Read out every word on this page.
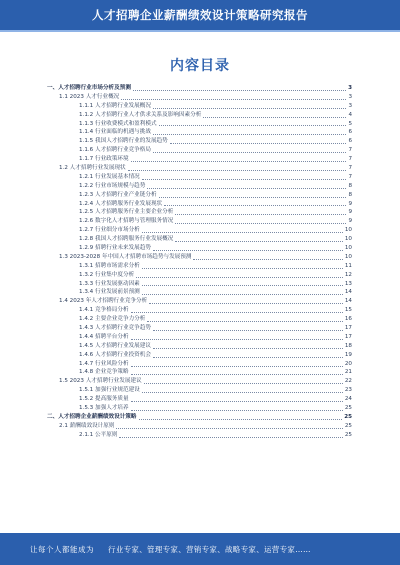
人才招聘企业薪酬绩效设计策略研究报告
内容目录
一、人才招聘行业市场分析及预测	3
1.1 2023 人才行业概况	3
1.1.1 人才招聘行业发展概况	3
1.1.2 人才招聘行业人才供求关系及影响因素分析	4
1.1.3 行业收费模式和盈利模式	5
1.1.4 行业面临的机遇与挑战	6
1.1.5 我国人才招聘行业的发展趋势	6
1.1.6 人才招聘行业竞争格局	7
1.1.7 行业政策环境	7
1.2 人才招聘行业发展现状	7
1.2.1 行业发展基本情况	7
1.2.2 行业市场规模与趋势	8
1.2.3 人才招聘行业产业链分析	8
1.2.4 人才招聘服务行业发展现状	9
1.2.5 人才招聘服务行业主要企业分析	9
1.2.6 数字化人才招聘与管理服务情况	9
1.2.7 行业细分市场分析	10
1.2.8 我国人才招聘服务行业发展概况	10
1.2.9 招聘行业未来发展趋势	10
1.3 2023-2028 年中国人才招聘市场趋势与发展预测	10
1.3.1 招聘市场需求分析	11
1.3.2 行业集中度分析	12
1.3.3 行业发展驱动因素	13
1.3.4 行业发展前景预测	14
1.4 2023 年人才招聘行业竞争分析	14
1.4.1 竞争格局分析	15
1.4.2 主要企业竞争力分析	16
1.4.3 人才招聘行业竞争趋势	17
1.4.4 招聘平台分析	17
1.4.5 人才招聘行业发展建议	18
1.4.6 人才招聘行业投资机会	19
1.4.7 行业风险分析	20
1.4.8 企业竞争策略	21
1.5 2023 人才招聘行业发展建议	22
1.5.1 加强行业规范建设	23
1.5.2 提高服务质量	24
1.5.3 加强人才培养	25
二、人才招聘企业薪酬绩效设计策略	25
2.1 薪酬绩效设计原则	25
2.1.1 公平原则	25
让每个人都能成为 行业专家、管理专家、营销专家、战略专家、运营专家……
